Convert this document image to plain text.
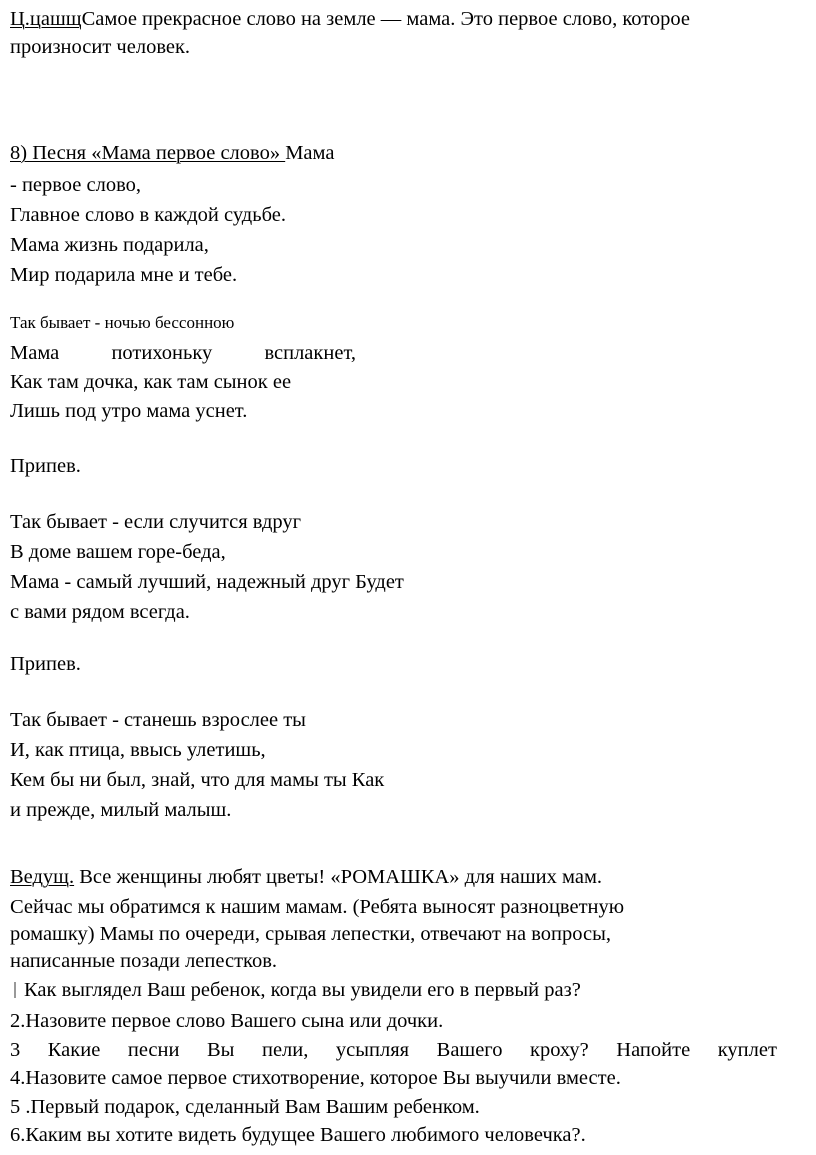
Ц.цашщСамое прекрасное слово на земле — мама. Это первое слово, которое
произносит человек.
8) Песня «Мама первое слово» Мама
- первое слово,
Главное слово в каждой судьбе.
Мама жизнь подарила,
Мир подарила мне и тебе.
Так бывает - ночью бессонною
Мама	потихоньку	всплакнет,
Как там дочка, как там сынок ее
Лишь под утро мама уснет.
Припев.
Так бывает - если случится вдруг
В доме вашем горе-беда,
Мама - самый лучший, надежный друг Будет
с вами рядом всегда.
Припев.
Так бывает - станешь взрослее ты
И, как птица, ввысь улетишь,
Кем бы ни был, знай, что для мамы ты Как
и прежде, милый малыш.
Ведущ. Все женщины любят цветы! «РОМАШКА» для наших мам.
Сейчас мы обратимся к нашим мамам. (Ребята выносят разноцветную
ромашку) Мамы по очереди, срывая лепестки, отвечают на вопросы,
написанные позади лепестков.
Как выглядел Ваш ребенок, когда вы увидели его в первый раз?
2.Назовите первое слово Вашего сына или дочки.
3 Какие песни Вы пели, усыпляя Вашего кроху? Напойте куплет
4.Назовите самое первое стихотворение, которое Вы выучили вместе.
5 .Первый подарок, сделанный Вам Вашим ребенком.
6.Каким вы хотите видеть будущее Вашего любимого человечка?.
